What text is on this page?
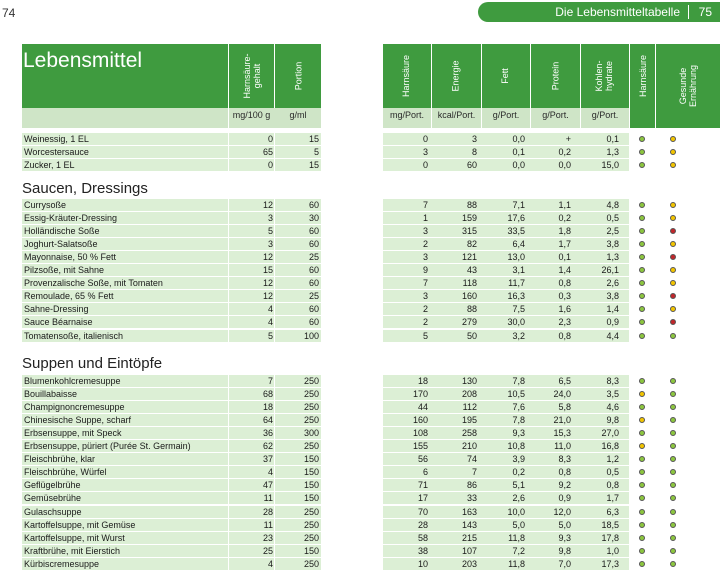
74	Die Lebensmitteltabelle 75
Lebensmittel	Harnsäure-gehalt	Portion	Harnsäure	Energie	Fett	Protein	Kohlen-hydrate	Harnsäure	Gesunde Ernährung
mg/100 g	g/ml	mg/Port.	kcal/Port.	g/Port.	g/Port.	g/Port.
Weinessig, 1 EL	0	15	0	3	0,0	+	0,1
Worcestersauce	65	5	3	8	0,1	0,2	1,3
Zucker, 1 EL	0	15	0	60	0,0	0,0	15,0
Saucen, Dressings
Currysoße	12	60	7	88	7,1	1,1	4,8
Essig-Kräuter-Dressing	3	30	1	159	17,6	0,2	0,5
Holländische Soße	5	60	3	315	33,5	1,8	2,5
Joghurt-Salatsoße	3	60	2	82	6,4	1,7	3,8
Mayonnaise, 50 % Fett	12	25	3	121	13,0	0,1	1,3
Pilzsoße, mit Sahne	15	60	9	43	3,1	1,4	26,1
Provenzalische Soße, mit Tomaten	12	60	7	118	11,7	0,8	2,6
Remoulade, 65 % Fett	12	25	3	160	16,3	0,3	3,8
Sahne-Dressing	4	60	2	88	7,5	1,6	1,4
Sauce Béarnaise	4	60	2	279	30,0	2,3	0,9
Tomatensoße, italienisch	5	100	5	50	3,2	0,8	4,4
Suppen und Eintöpfe
Blumenkohlcremesuppe	7	250	18	130	7,8	6,5	8,3
Bouillabaisse	68	250	170	208	10,5	24,0	3,5
Champignoncremesuppe	18	250	44	112	7,6	5,8	4,6
Chinesische Suppe, scharf	64	250	160	195	7,8	21,0	9,8
Erbsensuppe, mit Speck	36	300	108	258	9,3	15,3	27,0
Erbsensuppe, püriert (Purée St. Germain)	62	250	155	210	10,8	11,0	16,8
Fleischbrühe, klar	37	150	56	74	3,9	8,3	1,2
Fleischbrühe, Würfel	4	150	6	7	0,2	0,8	0,5
Geflügelbrühe	47	150	71	86	5,1	9,2	0,8
Gemüsebrühe	11	150	17	33	2,6	0,9	1,7
Gulaschsuppe	28	250	70	163	10,0	12,0	6,3
Kartoffelsuppe, mit Gemüse	11	250	28	143	5,0	5,0	18,5
Kartoffelsuppe, mit Wurst	23	250	58	215	11,8	9,3	17,8
Kraftbrühe, mit Eierstich	25	150	38	107	7,2	9,8	1,0
Kürbiscremesuppe	4	250	10	203	11,8	7,0	17,3
